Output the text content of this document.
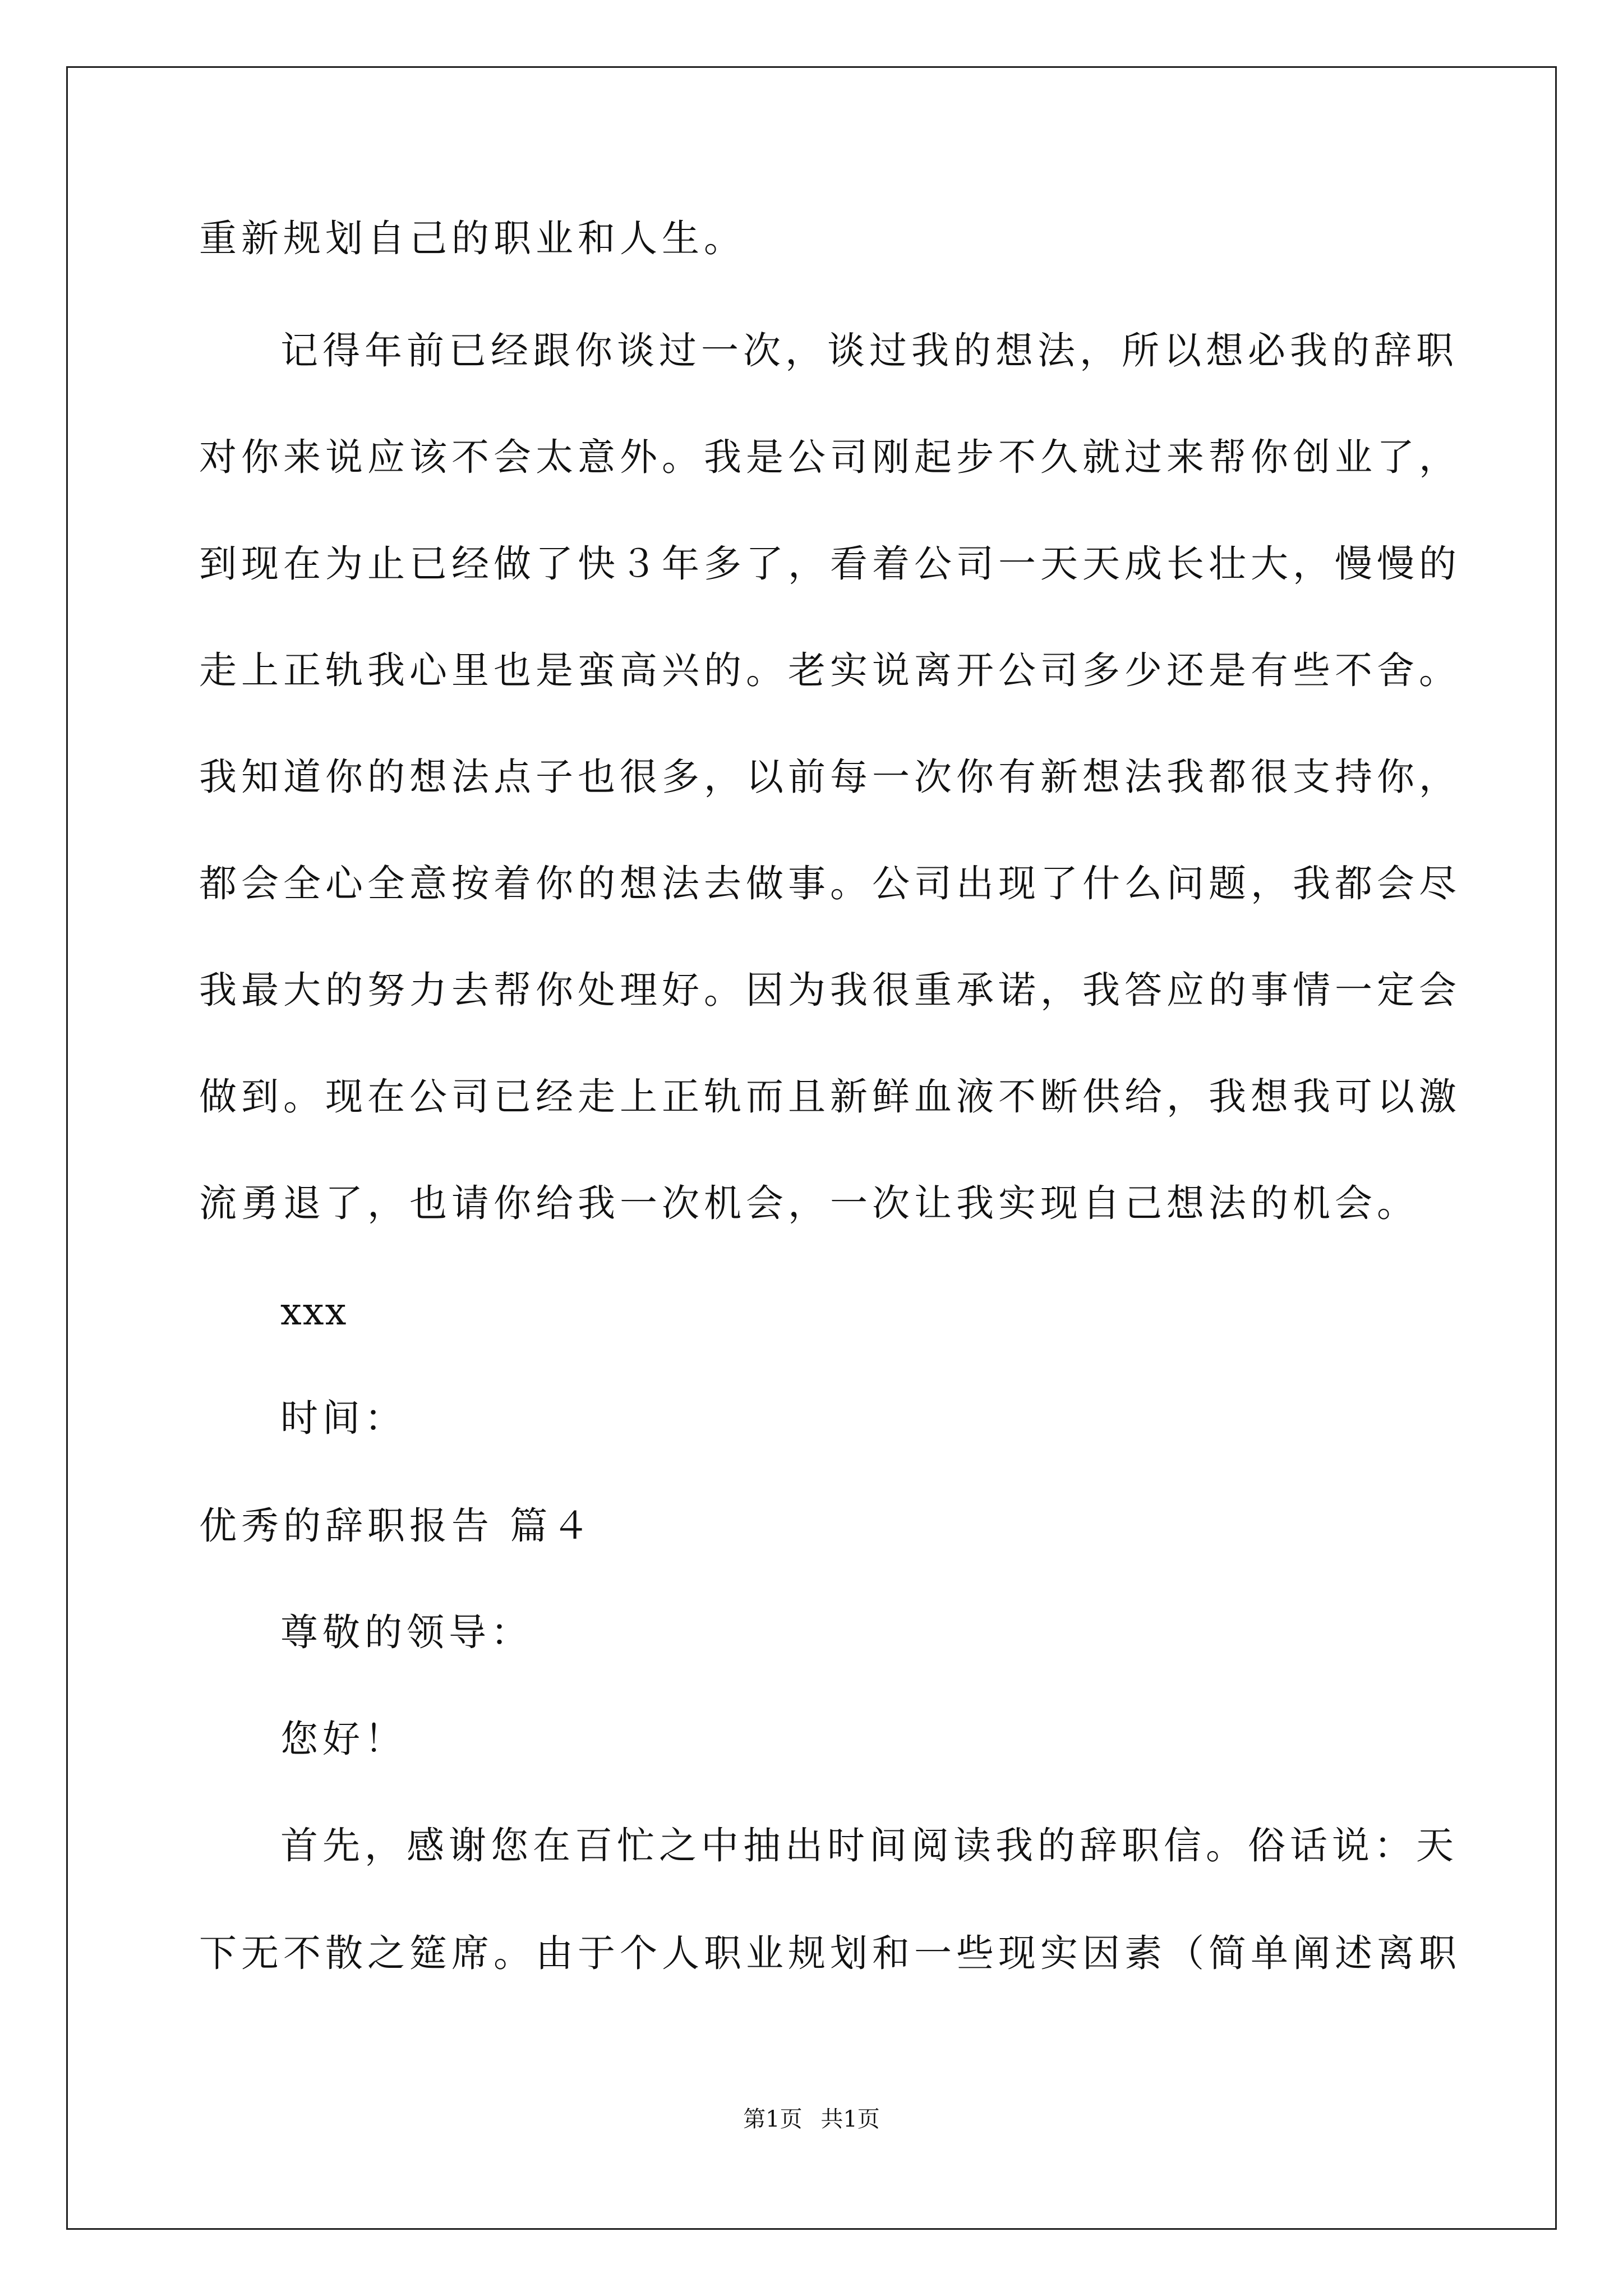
重新规划自己的职业和人生。
记得年前已经跟你谈过一次，谈过我的想法，所以想必我的辞职
对你来说应该不会太意外。我是公司刚起步不久就过来帮你创业了，
到现在为止已经做了快３年多了，看着公司一天天成长壮大，慢慢的
走上正轨我心里也是蛮高兴的。老实说离开公司多少还是有些不舍。
我知道你的想法点子也很多，以前每一次你有新想法我都很支持你，
都会全心全意按着你的想法去做事。公司出现了什么问题，我都会尽
我最大的努力去帮你处理好。因为我很重承诺，我答应的事情一定会
做到。现在公司已经走上正轨而且新鲜血液不断供给，我想我可以激
流勇退了，也请你给我一次机会，一次让我实现自己想法的机会。
xxx
时间：
优秀的辞职报告 篇４
尊敬的领导：
您好！
首先，感谢您在百忙之中抽出时间阅读我的辞职信。俗话说：天
下无不散之筵席。由于个人职业规划和一些现实因素（简单阐述离职
第1页 共1页
